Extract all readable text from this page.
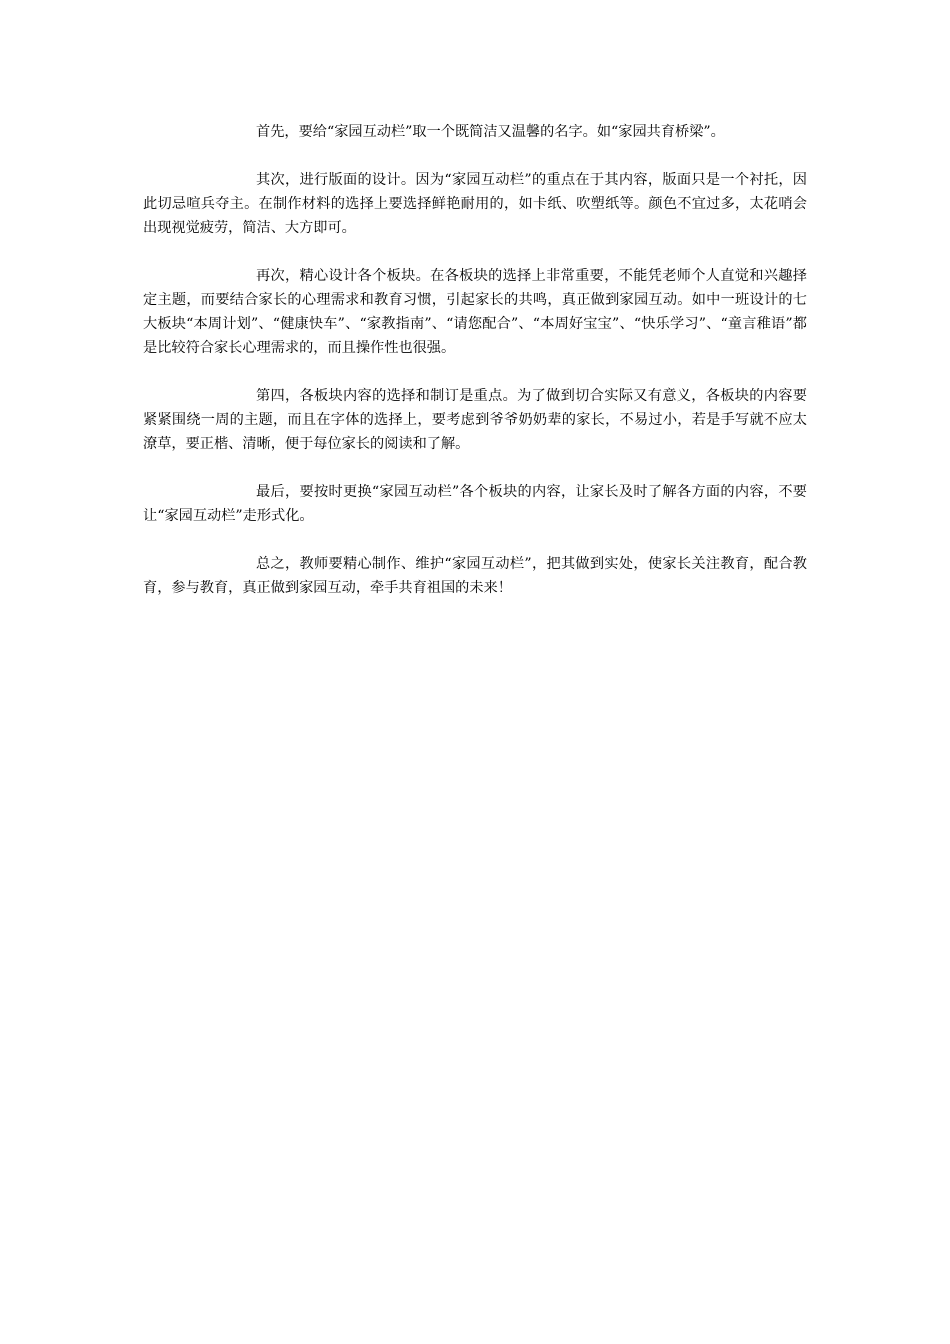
首先，要给“家园互动栏”取一个既简洁又温馨的名字。如“家园共育桥梁”。

其次，进行版面的设计。因为“家园互动栏”的重点在于其内容，版面只是一个衬托，因此切忌喧兵夺主。在制作材料的选择上要选择鲜艳耐用的，如卡纸、吹塑纸等。颜色不宜过多，太花哨会出现视觉疲劳，简洁、大方即可。

再次，精心设计各个板块。在各板块的选择上非常重要，不能凭老师个人直觉和兴趣择定主题，而要结合家长的心理需求和教育习惯，引起家长的共鸣，真正做到家园互动。如中一班设计的七大板块“本周计划”、“健康快车”、“家教指南”、“请您配合”、“本周好宝宝”、“快乐学习”、“童言稚语”都是比较符合家长心理需求的，而且操作性也很强。

第四，各板块内容的选择和制订是重点。为了做到切合实际又有意义，各板块的内容要紧紧围绕一周的主题，而且在字体的选择上，要考虑到爷爷奶奶辈的家长，不易过小，若是手写就不应太潦草，要正楷、清晰，便于每位家长的阅读和了解。

最后，要按时更换“家园互动栏”各个板块的内容，让家长及时了解各方面的内容，不要让“家园互动栏”走形式化。

总之，教师要精心制作、维护“家园互动栏”，把其做到实处，使家长关注教育，配合教育，参与教育，真正做到家园互动，牵手共育祖国的未来！
